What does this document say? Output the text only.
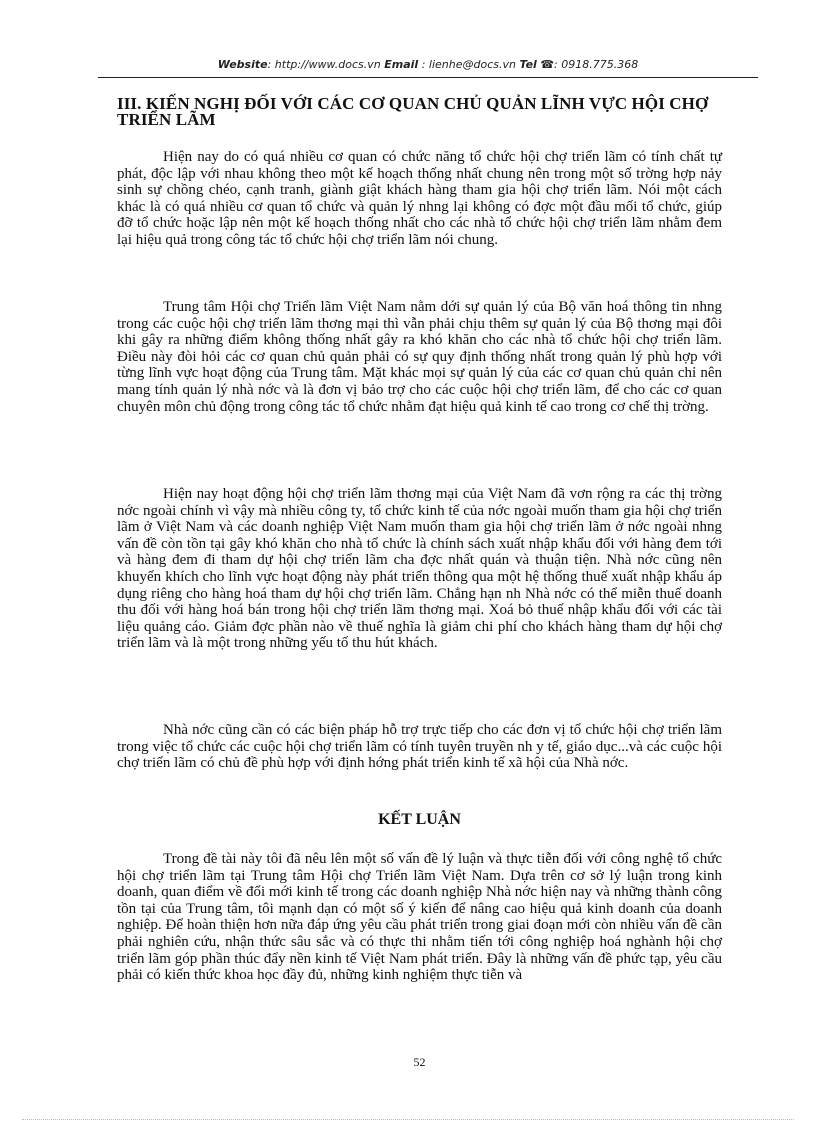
Website: http://www.docs.vn Email : lienhe@docs.vn Tel ☎: 0918.775.368
III. KIẾN NGHỊ ĐỐI VỚI CÁC CƠ QUAN CHỦ QUẢN LĨNH VỰC HỘI CHỢ TRIỂN LÃM

Hiện nay do có quá nhiều cơ quan có chức năng tổ chức hội chợ triển lãm có tính chất tự phát, độc lập với nhau không theo một kế hoạch thống nhất chung nên trong một số trờng hợp nảy sinh sự chồng chéo, cạnh tranh, giành giật khách hàng tham gia hội chợ triển lãm. Nói một cách khác là có quá nhiều cơ quan tổ chức và quản lý nhng lại không có đợc một đầu mối tổ chức, giúp đỡ tổ chức hoặc lập nên một kế hoạch thống nhất cho các nhà tổ chức hội chợ triển lãm nhằm đem lại hiệu quả trong công tác tổ chức hội chợ triển lãm nói chung.

Trung tâm Hội chợ Triển lãm Việt Nam nằm dới sự quản lý của Bộ văn hoá thông tin nhng trong các cuộc hội chợ triển lãm thơng mại thì vẫn phải chịu thêm sự quản lý của Bộ thơng mại đôi khi gây ra những điểm không thống nhất gây ra khó khăn cho các nhà tổ chức hội chợ triển lãm. Điều này đòi hỏi các cơ quan chủ quản phải có sự quy định thống nhất trong quản lý phù hợp với từng lĩnh vực hoạt động của Trung tâm. Mặt khác mọi sự quản lý của các cơ quan chủ quản chỉ nên mang tính quản lý nhà nớc và là đơn vị bảo trợ cho các cuộc hội chợ triển lãm, để cho các cơ quan chuyên môn chủ động trong công tác tổ chức nhằm đạt hiệu quả kinh tế cao trong cơ chế thị trờng.

Hiện nay hoạt động hội chợ triển lãm thơng mại của Việt Nam đã vơn rộng ra các thị trờng nớc ngoài chính vì vậy mà nhiều công ty, tổ chức kinh tế của nớc ngoài muốn tham gia hội chợ triển lãm ở Việt Nam và các doanh nghiệp Việt Nam muốn tham gia hội chợ triển lãm ở nớc ngoài nhng vấn đề còn tồn tại gây khó khăn cho nhà tổ chức là chính sách xuất nhập khẩu đối với hàng đem tới và hàng đem đi tham dự hội chợ triển lãm cha đợc nhất quán và thuận tiện. Nhà nớc cũng nên khuyến khích cho lĩnh vực hoạt động này phát triển thông qua một hệ thống thuế xuất nhập khẩu áp dụng riêng cho hàng hoá tham dự hội chợ triển lãm. Chẳng hạn nh Nhà nớc có thể miễn thuế doanh thu đối với hàng hoá bán trong hội chợ triển lãm thơng mại. Xoá bỏ thuế nhập khẩu đối với các tài liệu quảng cáo. Giảm đợc phần nào về thuế nghĩa là giảm chi phí cho khách hàng tham dự hội chợ triển lãm và là một trong những yếu tố thu hút khách.

Nhà nớc cũng cần có các biện pháp hỗ trợ trực tiếp cho các đơn vị tổ chức hội chợ triển lãm trong việc tổ chức các cuộc hội chợ triển lãm có tính tuyên truyền nh y tế, giáo dục...và các cuộc hội chợ triển lãm có chủ đề phù hợp với định hớng phát triển kinh tế xã hội của Nhà nớc.

KẾT LUẬN

Trong đề tài này tôi đã nêu lên một số vấn đề lý luận và thực tiễn đối với công nghệ tổ chức hội chợ triển lãm tại Trung tâm Hội chợ Triển lãm Việt Nam. Dựa trên cơ sở lý luận trong kinh doanh, quan điểm về đổi mới kinh tế trong các doanh nghiệp Nhà nớc hiện nay và những thành công tồn tại của Trung tâm, tôi mạnh dạn có một số ý kiến để nâng cao hiệu quả kinh doanh của doanh nghiệp. Để hoàn thiện hơn nữa đáp ứng yêu cầu phát triển trong giai đoạn mới còn nhiều vấn đề cần phải nghiên cứu, nhận thức sâu sắc và có thực thi nhằm tiến tới công nghiệp hoá nghành hội chợ triển lãm góp phần thúc đẩy nền kinh tế Việt Nam phát triển. Đây là những vấn đề phức tạp, yêu cầu phải có kiến thức khoa học đầy đủ, những kinh nghiệm thực tiễn và

52
